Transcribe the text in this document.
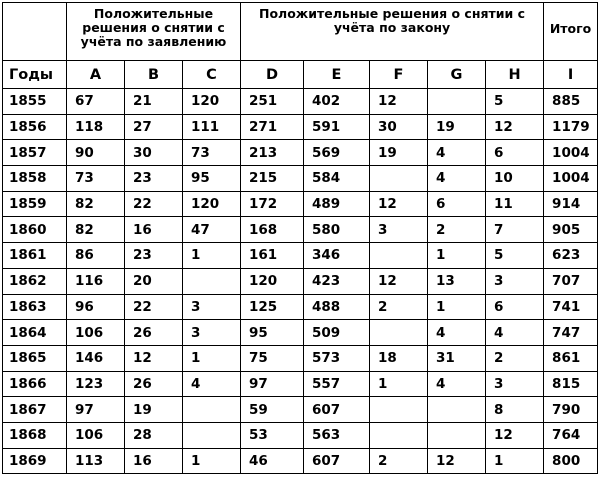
	Положительные решения о снятии с учёта по заявлению			Положительные решения о снятии с учёта по закону					Итого
Годы	A	B	C	D	E	F	G	H	I
1855	67	21	120	251	402	12		5	885
1856	118	27	111	271	591	30	19	12	1179
1857	90	30	73	213	569	19	4	6	1004
1858	73	23	95	215	584		4	10	1004
1859	82	22	120	172	489	12	6	11	914
1860	82	16	47	168	580	3	2	7	905
1861	86	23	1	161	346		1	5	623
1862	116	20		120	423	12	13	3	707
1863	96	22	3	125	488	2	1	6	741
1864	106	26	3	95	509		4	4	747
1865	146	12	1	75	573	18	31	2	861
1866	123	26	4	97	557	1	4	3	815
1867	97	19		59	607			8	790
1868	106	28		53	563			12	764
1869	113	16	1	46	607	2	12	1	800
